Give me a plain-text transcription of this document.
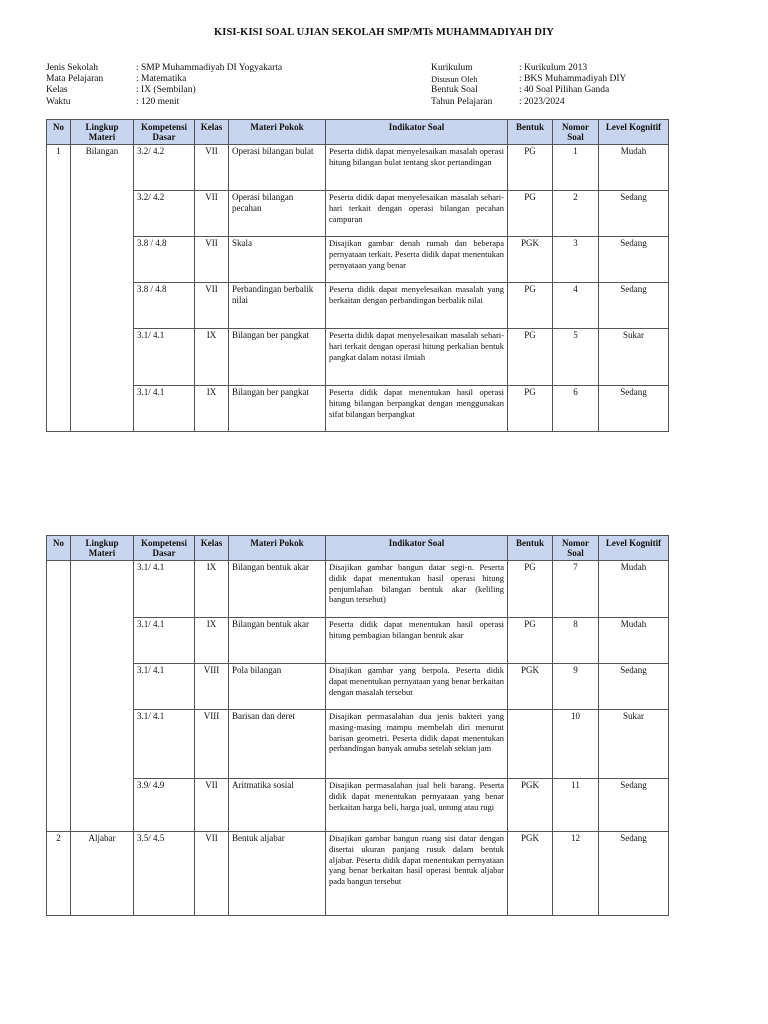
KISI-KISI SOAL UJIAN SEKOLAH SMP/MTs MUHAMMADIYAH DIY
Jenis Sekolah	: SMP Muhammadiyah DI Yogyakarta
Mata Pelajaran	: Matematika
Kelas	: IX (Sembilan)
Waktu	: 120 menit
Kurikulum	: Kurikulum 2013
Disusun Oleh	: BKS Muhammadiyah DIY
Bentuk Soal	: 40 Soal Pilihan Ganda
Tahun Pelajaran	: 2023/2024
No	Lingkup Materi	Kompetensi Dasar	Kelas	Materi Pokok	Indikator Soal	Bentuk	Nomor Soal	Level Kognitif
1	Bilangan	3.2/ 4.2	VII	Operasi bilangan bulat	Peserta didik dapat menyelesaikan masalah operasi hitung bilangan bulat tentang skor pertandingan	PG	1	Mudah
		3.2/ 4.2	VII	Operasi bilangan pecahan	Peserta didik dapat menyelesaikan masalah sehari-hari terkait dengan operasi bilangan pecahan campuran	PG	2	Sedang
		3.8 / 4.8	VII	Skala	Disajikan gambar denah rumah dan beberapa pernyataan terkait. Peserta didik dapat menentukan pernyataan yang benar	PGK	3	Sedang
		3.8 / 4.8	VII	Perbandingan berbalik nilai	Peserta didik dapat menyelesaikan masalah yang berkaitan dengan perbandingan berbalik nilai	PG	4	Sedang
		3.1/ 4.1	IX	Bilangan ber pangkat	Peserta didik dapat menyelesaikan masalah sehari-hari terkait dengan operasi hitung perkalian bentuk pangkat dalam notasi ilmiah	PG	5	Sukar
		3.1/ 4.1	IX	Bilangan ber pangkat	Peserta didik dapat menentukan hasil operasi hitung bilangan berpangkat dengan menggunakan sifat bilangan berpangkat	PG	6	Sedang
No	Lingkup Materi	Kompetensi Dasar	Kelas	Materi Pokok	Indikator Soal	Bentuk	Nomor Soal	Level Kognitif
		3.1/ 4.1	IX	Bilangan bentuk akar	Disajikan gambar bangun datar segi-n. Peserta didik dapat menentukan hasil operasi hitung penjumlahan bilangan bentuk akar (keliling bangun tersebut)	PG	7	Mudah
		3.1/ 4.1	IX	Bilangan bentuk akar	Peserta didik dapat menentukan hasil operasi hitung pembagian bilangan bentuk akar	PG	8	Mudah
		3.1/ 4.1	VIII	Pola bilangan	Disajikan gambar yang berpola. Peserta didik dapat menentukan pernyataan yang benar berkaitan dengan masalah tersebut	PGK	9	Sedang
		3.1/ 4.1	VIII	Barisan dan deret	Disajikan permasalahan dua jenis bakteri yang masing-masing mampu membelah diri menurut barisan geometri. Peserta didik dapat menentukan perbandingan banyak amuba setelah sekian jam		10	Sukar
		3.9/ 4.9	VII	Aritmatika sosial	Disajikan permasalahan jual beli barang. Peserta didik dapat menentukan pernyataan yang benar berkaitan harga beli, harga jual, untung atau rugi	PGK	11	Sedang
2	Aljabar	3.5/ 4.5	VII	Bentuk aljabar	Disajikan gambar bangun ruang sisi datar dengan disertai ukuran panjang rusuk dalam bentuk aljabar. Peserta didik dapat menentukan pernyataan yang benar berkaitan hasil operasi bentuk aljabar pada bangun tersebut	PGK	12	Sedang
